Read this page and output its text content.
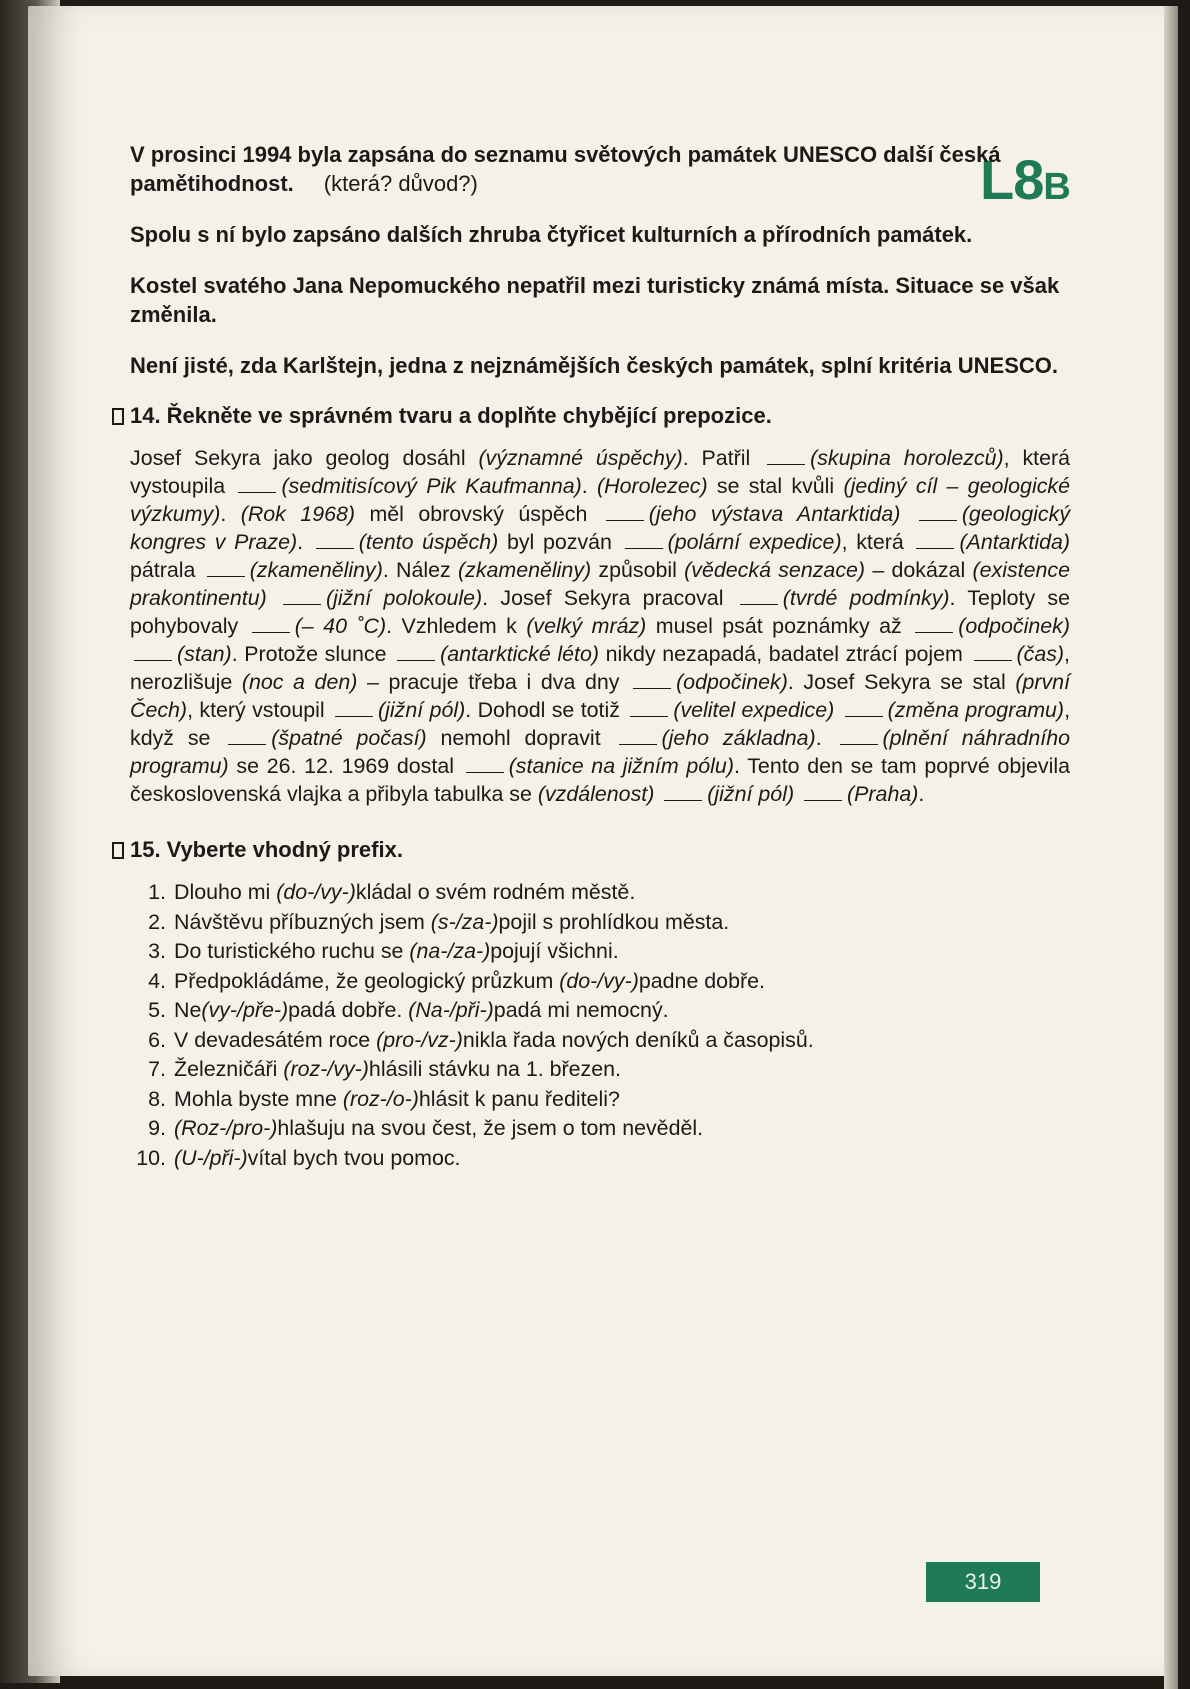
L8B

V prosinci 1994 byla zapsána do seznamu světových památek UNESCO další česká pamětihodnost. (která? důvod?)

Spolu s ní bylo zapsáno dalších zhruba čtyřicet kulturních a přírodních památek.

Kostel svatého Jana Nepomuckého nepatřil mezi turisticky známá místa. Situace se však změnila.

Není jisté, zda Karlštejn, jedna z nejznámějších českých památek, splní kritéria UNESCO.

14. Řekněte ve správném tvaru a doplňte chybějící prepozice.
Josef Sekyra jako geolog dosáhl (významné úspěchy). Patřil (skupina horolezců), která vystoupila (sedmitisícový Pik Kaufmanna). (Horolezec) se stal kvůli (jediný cíl – geologické výzkumy). (Rok 1968) měl obrovský úspěch (jeho výstava Antarktida)	(geologický kongres v Praze). (tento úspěch) byl pozván (polární expedice), která (Antarktida) pátrala (zkameněliny). Nález (zkameněliny) způsobil (vědecká senzace) – dokázal (existence prakontinentu)	(jižní polokoule). Josef Sekyra pracoval (tvrdé podmínky). Teploty se pohybovaly (– 40 ˚C). Vzhledem k (velký mráz) musel psát poznámky až (odpočinek) (stan). Protože slunce (antarktické léto) nikdy nezapadá, badatel ztrácí pojem (čas), nerozlišuje (noc a den) – pracuje třeba i dva dny (odpočinek). Josef Sekyra se stal (první Čech), který vstoupil (jižní pól). Dohodl se totiž (velitel expedice) (změna programu), když se (špatné počasí) nemohl dopravit (jeho základna). (plnění náhradního programu) se 26. 12. 1969 dostal (stanice na jižním pólu). Tento den se tam poprvé objevila československá vlajka a přibyla tabulka se (vzdálenost) (jižní pól) (Praha).
15. Vyberte vhodný prefix.
1. Dlouho mi (do-/vy-)kládal o svém rodném městě.
2. Návštěvu příbuzných jsem (s-/za-)pojil s prohlídkou města.
3. Do turistického ruchu se (na-/za-)pojují všichni.
4. Předpokládáme, že geologický průzkum (do-/vy-)padne dobře.
5. Ne(vy-/pře-)padá dobře. (Na-/při-)padá mi nemocný.
6. V devadesátém roce (pro-/vz-)nikla řada nových deníků a časopisů.
7. Železničáři (roz-/vy-)hlásili stávku na 1. březen.
8. Mohla byste mne (roz-/o-)hlásit k panu řediteli?
9. (Roz-/pro-)hlašuju na svou čest, že jsem o tom nevěděl.
10. (U-/při-)vítal bych tvou pomoc.
319
